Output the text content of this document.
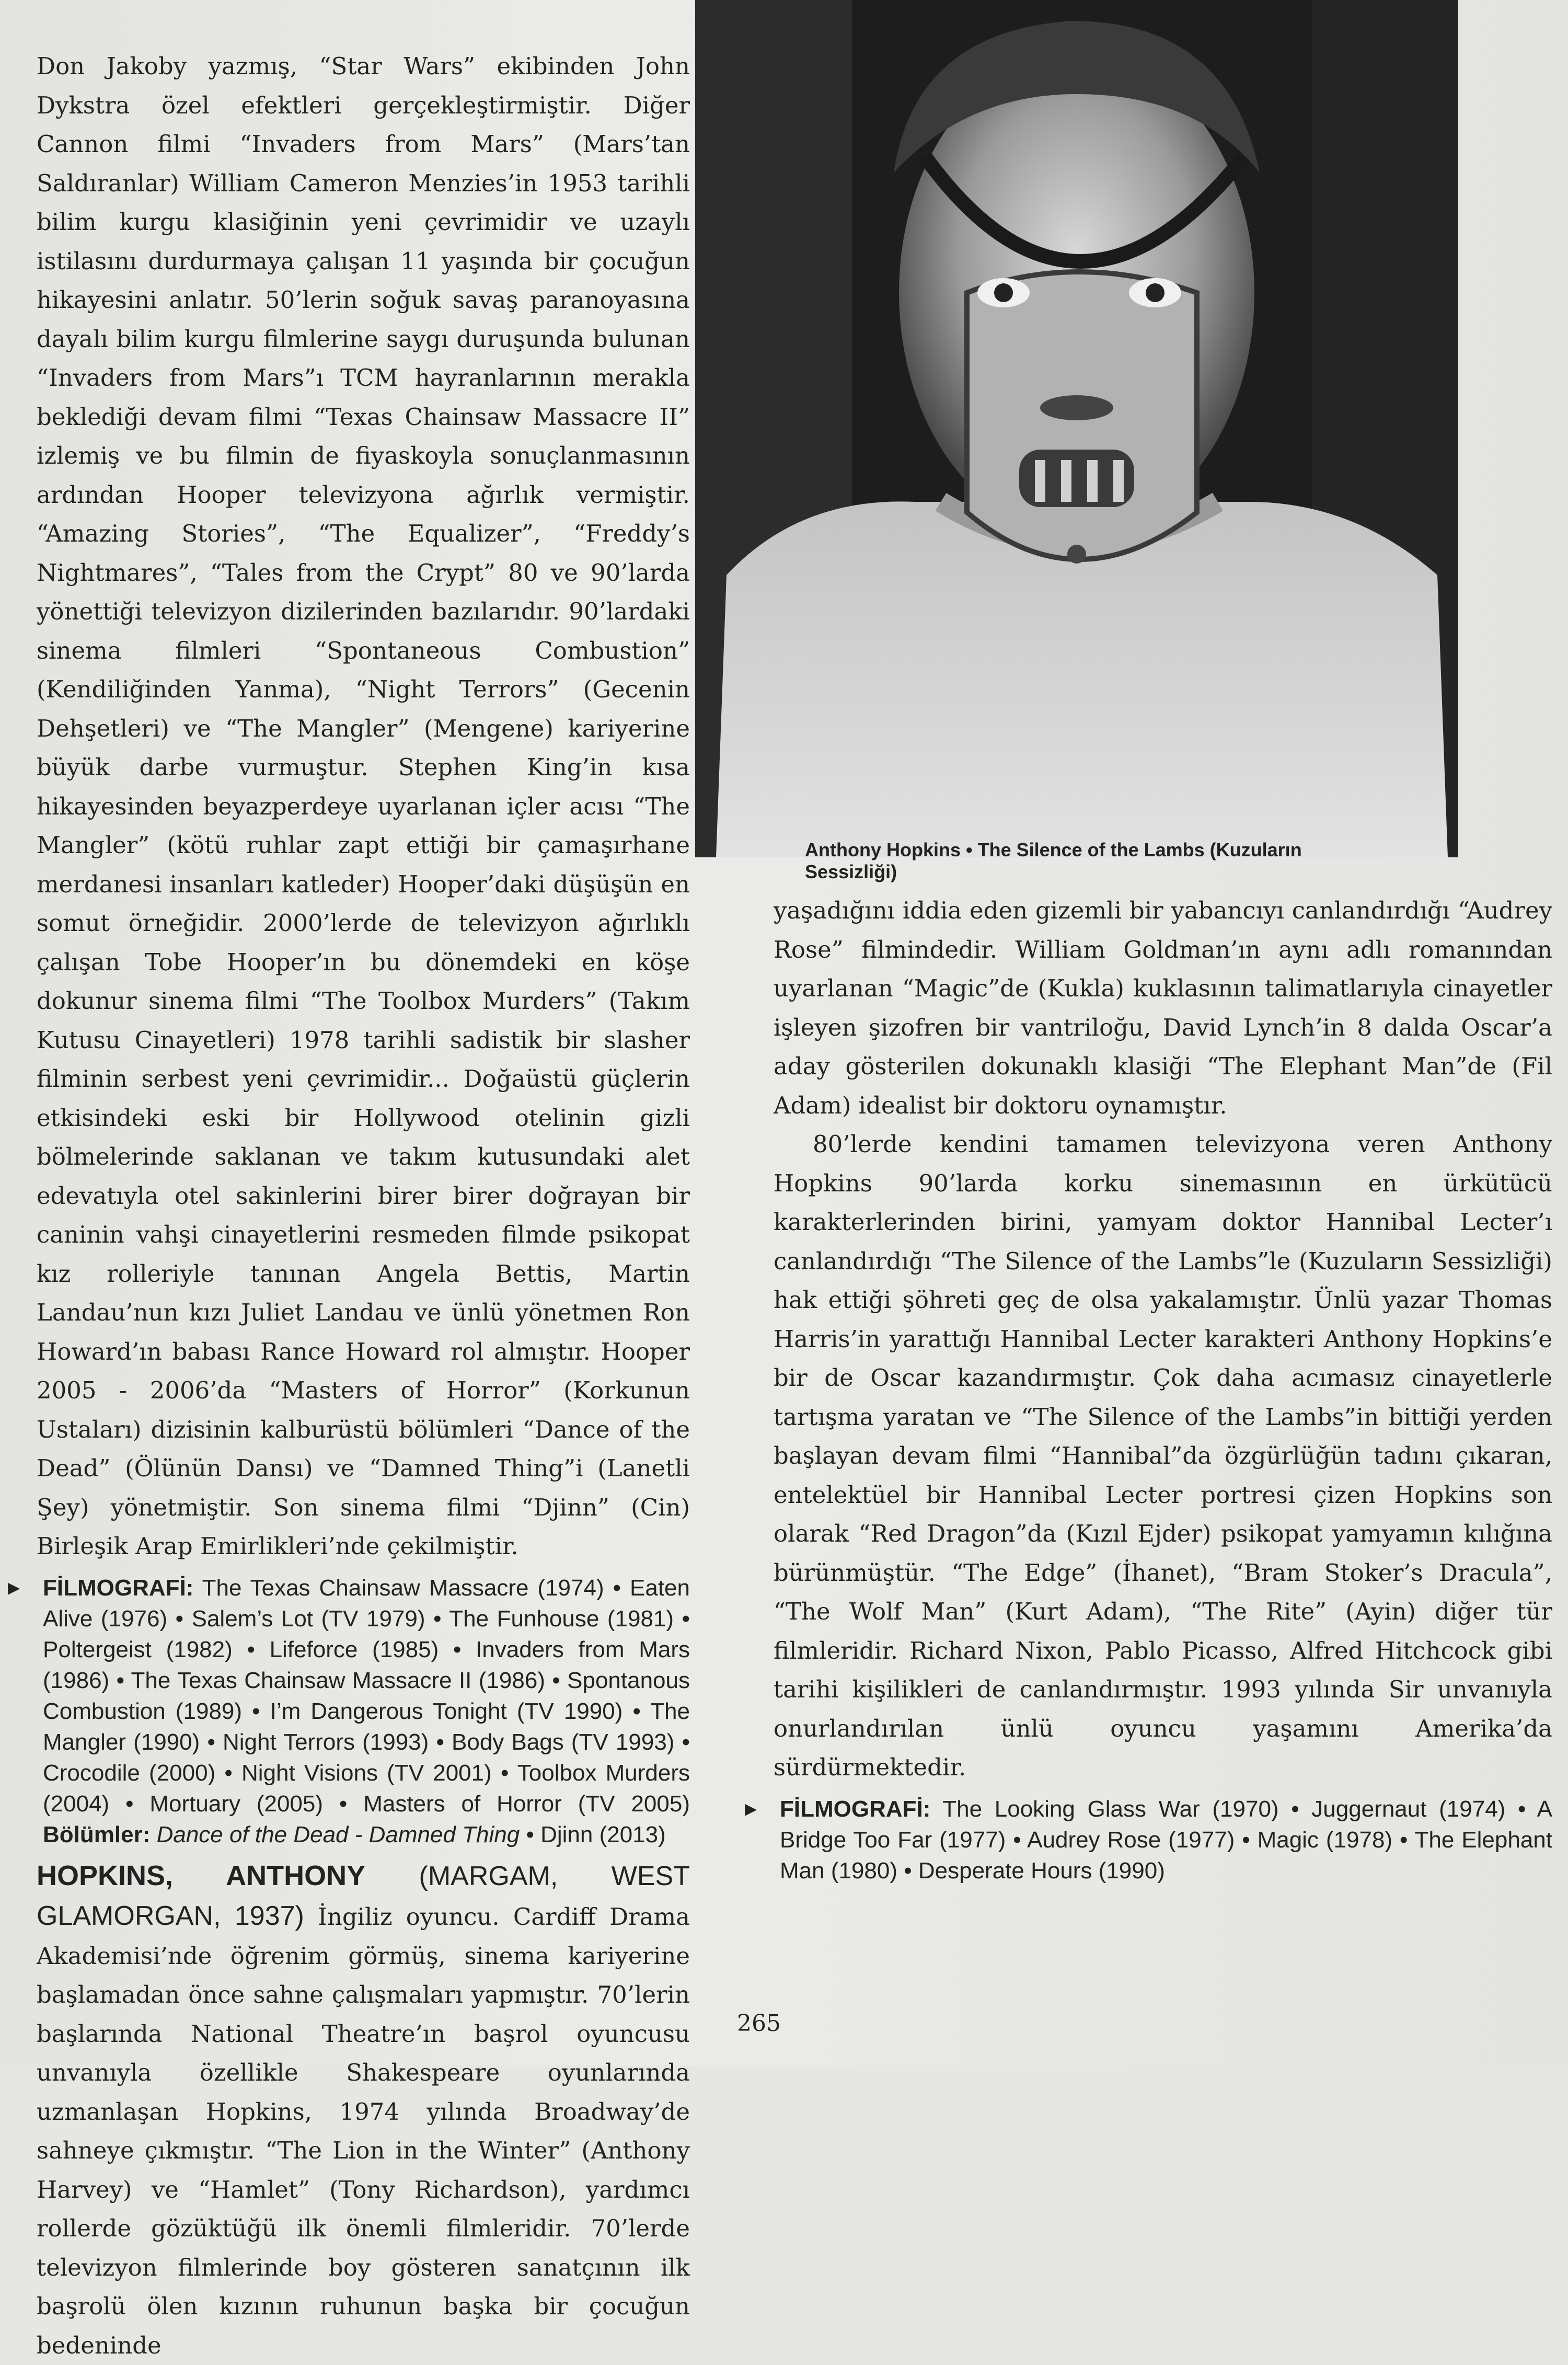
Don Jakoby yazmış, “Star Wars” ekibinden John Dykstra özel efektleri gerçekleştirmiştir. Diğer Cannon filmi “Invaders from Mars” (Mars’tan Saldıranlar) William Cameron Menzies’in 1953 tarihli bilim kurgu klasiğinin yeni çevrimidir ve uzaylı istilasını durdurmaya çalışan 11 yaşında bir çocuğun hikayesini anlatır. 50’lerin soğuk savaş paranoyasına dayalı bilim kurgu filmlerine saygı duruşunda bulunan “Invaders from Mars”ı TCM hayranlarının merakla beklediği devam filmi “Texas Chainsaw Massacre II” izlemiş ve bu filmin de fiyaskoyla sonuçlanmasının ardından Hooper televizyona ağırlık vermiştir. “Amazing Stories”, “The Equalizer”, “Freddy’s Nightmares”, “Tales from the Crypt” 80 ve 90’larda yönettiği televizyon dizilerinden bazılarıdır. 90’lardaki sinema filmleri “Spontaneous Combustion” (Kendiliğinden Yanma), “Night Terrors” (Gecenin Dehşetleri) ve “The Mangler” (Mengene) kariyerine büyük darbe vurmuştur. Stephen King’in kısa hikayesinden beyazperdeye uyarlanan içler acısı “The Mangler” (kötü ruhlar zapt ettiği bir çamaşırhane merdanesi insanları katleder) Hooper’daki düşüşün en somut örneğidir. 2000’lerde de televizyon ağırlıklı çalışan Tobe Hooper’ın bu dönemdeki en köşe dokunur sinema filmi “The Toolbox Murders” (Takım Kutusu Cinayetleri) 1978 tarihli sadistik bir slasher filminin serbest yeni çevrimidir... Doğaüstü güçlerin etkisindeki eski bir Hollywood otelinin gizli bölmelerinde saklanan ve takım kutusundaki alet edevatıyla otel sakinlerini birer birer doğrayan bir caninin vahşi cinayetlerini resmeden filmde psikopat kız rolleriyle tanınan Angela Bettis, Martin Landau’nun kızı Juliet Landau ve ünlü yönetmen Ron Howard’ın babası Rance Howard rol almıştır. Hooper 2005 - 2006’da “Masters of Horror” (Korkunun Ustaları) dizisinin kalburüstü bölümleri “Dance of the Dead” (Ölünün Dansı) ve “Damned Thing”i (Lanetli Şey) yönetmiştir. Son sinema filmi “Djinn” (Cin) Birleşik Arap Emirlikleri’nde çekilmiştir.

▶ FİLMOGRAFİ: The Texas Chainsaw Massacre (1974) • Eaten Alive (1976) • Salem’s Lot (TV 1979) • The Funhouse (1981) • Poltergeist (1982) • Lifeforce (1985) • Invaders from Mars (1986) • The Texas Chainsaw Massacre II (1986) • Spontanous Combustion (1989) • I’m Dangerous Tonight (TV 1990) • The Mangler (1990) • Night Terrors (1993) • Body Bags (TV 1993) • Crocodile (2000) • Night Visions (TV 2001) • Toolbox Murders (2004) • Mortuary (2005) • Masters of Horror (TV 2005) Bölümler: Dance of the Dead - Damned Thing • Djinn (2013)

HOPKINS, ANTHONY (MARGAM, WEST GLAMORGAN, 1937) İngiliz oyuncu. Cardiff Drama Akademisi’nde öğrenim görmüş, sinema kariyerine başlamadan önce sahne çalışmaları yapmıştır. 70’lerin başlarında National Theatre’ın başrol oyuncusu unvanıyla özellikle Shakespeare oyunlarında uzmanlaşan Hopkins, 1974 yılında Broadway’de sahneye çıkmıştır. “The Lion in the Winter” (Anthony Harvey) ve “Hamlet” (Tony Richardson), yardımcı rollerde gözüktüğü ilk önemli filmleridir. 70’lerde televizyon filmlerinde boy gösteren sanatçının ilk başrolü ölen kızının ruhunun başka bir çocuğun bedeninde

Anthony Hopkins • The Silence of the Lambs (Kuzuların Sessizliği)

yaşadığını iddia eden gizemli bir yabancıyı canlandırdığı “Audrey Rose” filmindedir. William Goldman’ın aynı adlı romanından uyarlanan “Magic”de (Kukla) kuklasının talimatlarıyla cinayetler işleyen şizofren bir vantriloğu, David Lynch’in 8 dalda Oscar’a aday gösterilen dokunaklı klasiği “The Elephant Man”de (Fil Adam) idealist bir doktoru oynamıştır.

80’lerde kendini tamamen televizyona veren Anthony Hopkins 90’larda korku sinemasının en ürkütücü karakterlerinden birini, yamyam doktor Hannibal Lecter’ı canlandırdığı “The Silence of the Lambs”le (Kuzuların Sessizliği) hak ettiği şöhreti geç de olsa yakalamıştır. Ünlü yazar Thomas Harris’in yarattığı Hannibal Lecter karakteri Anthony Hopkins’e bir de Oscar kazandırmıştır. Çok daha acımasız cinayetlerle tartışma yaratan ve “The Silence of the Lambs”in bittiği yerden başlayan devam filmi “Hannibal”da özgürlüğün tadını çıkaran, entelektüel bir Hannibal Lecter portresi çizen Hopkins son olarak “Red Dragon”da (Kızıl Ejder) psikopat yamyamın kılığına bürünmüştür. “The Edge” (İhanet), “Bram Stoker’s Dracula”, “The Wolf Man” (Kurt Adam), “The Rite” (Ayin) diğer tür filmleridir. Richard Nixon, Pablo Picasso, Alfred Hitchcock gibi tarihi kişilikleri de canlandırmıştır. 1993 yılında Sir unvanıyla onurlandırılan ünlü oyuncu yaşamını Amerika’da sürdürmektedir.

▶ FİLMOGRAFİ: The Looking Glass War (1970) • Juggernaut (1974) • A Bridge Too Far (1977) • Audrey Rose (1977) • Magic (1978) • The Elephant Man (1980) • Desperate Hours (1990)

265
